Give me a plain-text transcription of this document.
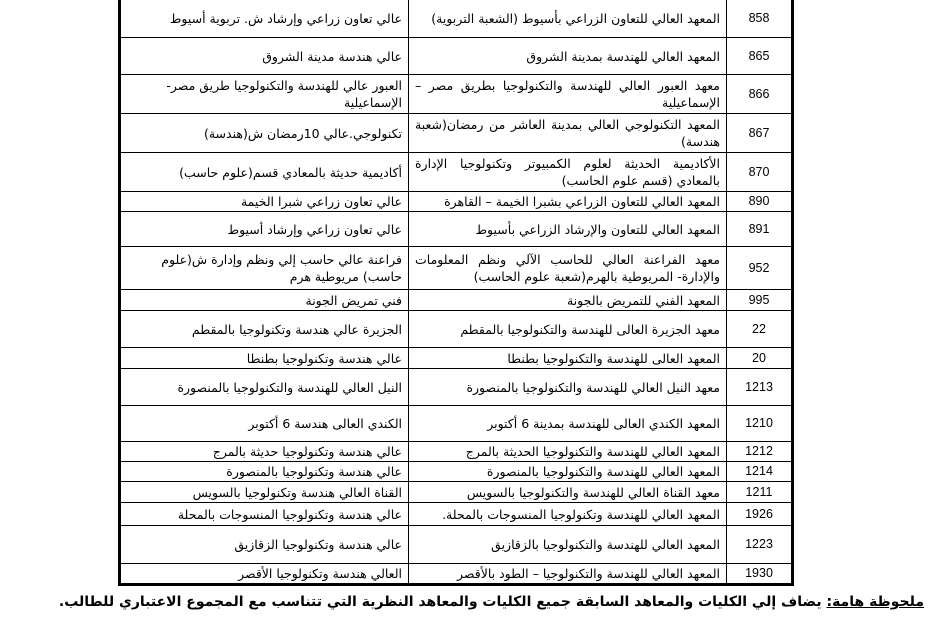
858	المعهد العالي للتعاون الزراعي بأسيوط (الشعبة التربوية)	عالي تعاون زراعي وإرشاد ش. تربوية أسيوط
865	المعهد العالي للهندسة بمدينة الشروق	عالي هندسة مدينة الشروق
866	معهد العبور العالي للهندسة والتكنولوجيا بطريق مصر – الإسماعيلية	العبور عالي للهندسة والتكنولوجيا طريق مصر-الإسماعيلية
867	المعهد التكنولوجي العالي بمدينة العاشر من رمضان(شعبة هندسة)	تكنولوجي.عالي 10رمضان ش(هندسة)
870	الأكاديمية الحديثة لعلوم الكمبيوتر وتكنولوجيا الإدارة بالمعادي (قسم علوم الحاسب)	أكاديمية حديثة بالمعادي قسم(علوم حاسب)
890	المعهد العالي للتعاون الزراعي بشبرا الخيمة – القاهرة	عالي تعاون زراعي شبرا الخيمة
891	المعهد العالي للتعاون والإرشاد الزراعي بأسيوط	عالي تعاون زراعي وإرشاد أسيوط
952	معهد الفراعنة العالي للحاسب الآلي ونظم المعلومات والإدارة- المريوطية بالهرم(شعبة علوم الحاسب)	فراعنة عالي حاسب إلي ونظم وإدارة ش(علوم حاسب) مريوطية هرم
995	المعهد الفني للتمريض بالجونة	فني تمريض الجونة
22	معهد الجزيرة العالى للهندسة والتكنولوجيا بالمقطم	الجزيرة عالي هندسة وتكنولوجيا بالمقطم
20	المعهد العالى للهندسة والتكنولوجيا بطنطا	عالي هندسة وتكنولوجيا بطنطا
1213	معهد النيل العالي للهندسة والتكنولوجيا بالمنصورة	النيل العالي للهندسة والتكنولوجيا بالمنصورة
1210	المعهد الكندي العالى للهندسة بمدينة 6 أكتوبر	الكندي العالى هندسة 6 أكتوبر
1212	المعهد العالي للهندسة والتكنولوجيا الحديثة بالمرج	عالي هندسة وتكنولوجيا حديثة بالمرج
1214	المعهد العالي للهندسة والتكنولوجيا بالمنصورة	عالي هندسة وتكنولوجيا بالمنصورة
1211	معهد القناة العالي للهندسة والتكنولوجيا بالسويس	القناة العالي هندسة وتكنولوجيا بالسويس
1926	المعهد العالي للهندسة وتكنولوجيا المنسوجات بالمحلة.	عالي هندسة وتكنولوجيا المنسوجات بالمحلة
1223	المعهد العالي للهندسة والتكنولوجيا بالزقازيق	عالي هندسة وتكنولوجيا الزقازيق
1930	المعهد العالي للهندسة والتكنولوجيا – الطود بالأقصر	العالي هندسة وتكنولوجيا الأقصر
ملحوظة هامة: يضاف إلي الكليات والمعاهد السابقة جميع الكليات والمعاهد النظرية التي تتناسب مع المجموع الاعتباري للطالب.
